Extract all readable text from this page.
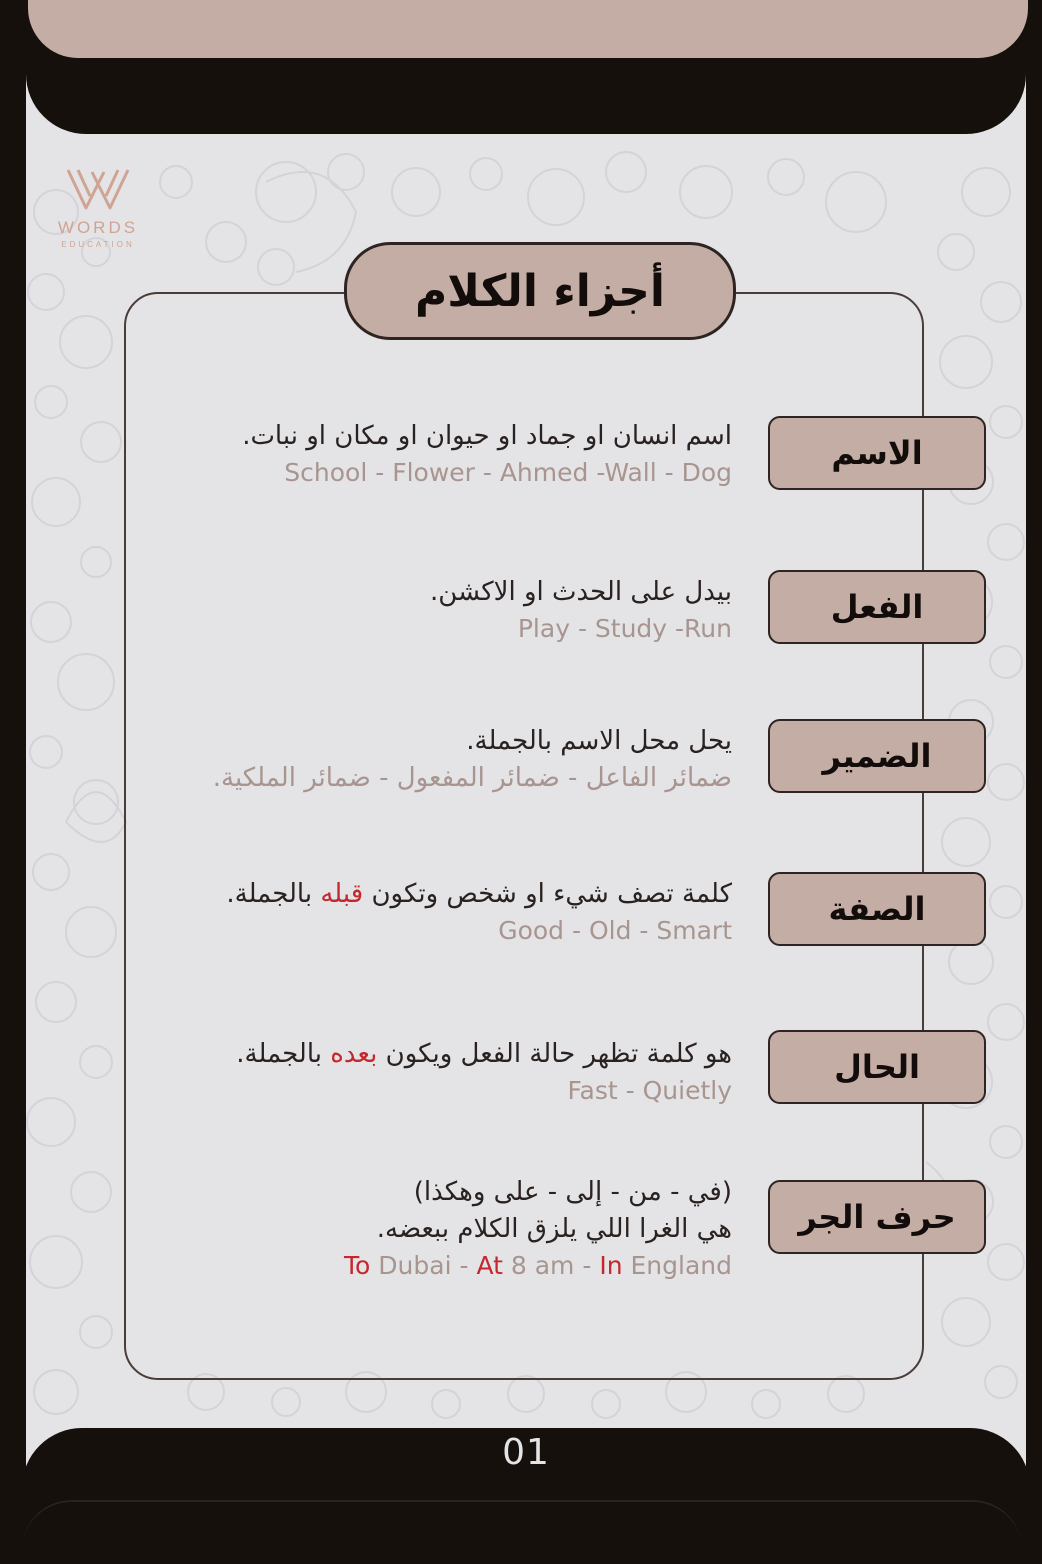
WORDS
EDUCATION
أجزاء الكلام
الاسم
اسم انسان او جماد او حيوان او مكان او نبات.
School - Flower - Ahmed -Wall - Dog
الفعل
بيدل على الحدث او الاكشن.
Play - Study -Run
الضمير
يحل محل الاسم بالجملة.
ضمائر الفاعل - ضمائر المفعول - ضمائر الملكية.
الصفة
كلمة تصف شيء او شخص وتكون قبله بالجملة.
Good - Old - Smart
الحال
هو كلمة تظهر حالة الفعل ويكون بعده بالجملة.
Fast - Quietly
حرف الجر
(في - من - إلى - على وهكذا)
هي الغرا اللي يلزق الكلام ببعضه.
To Dubai - At 8 am - In England
01
